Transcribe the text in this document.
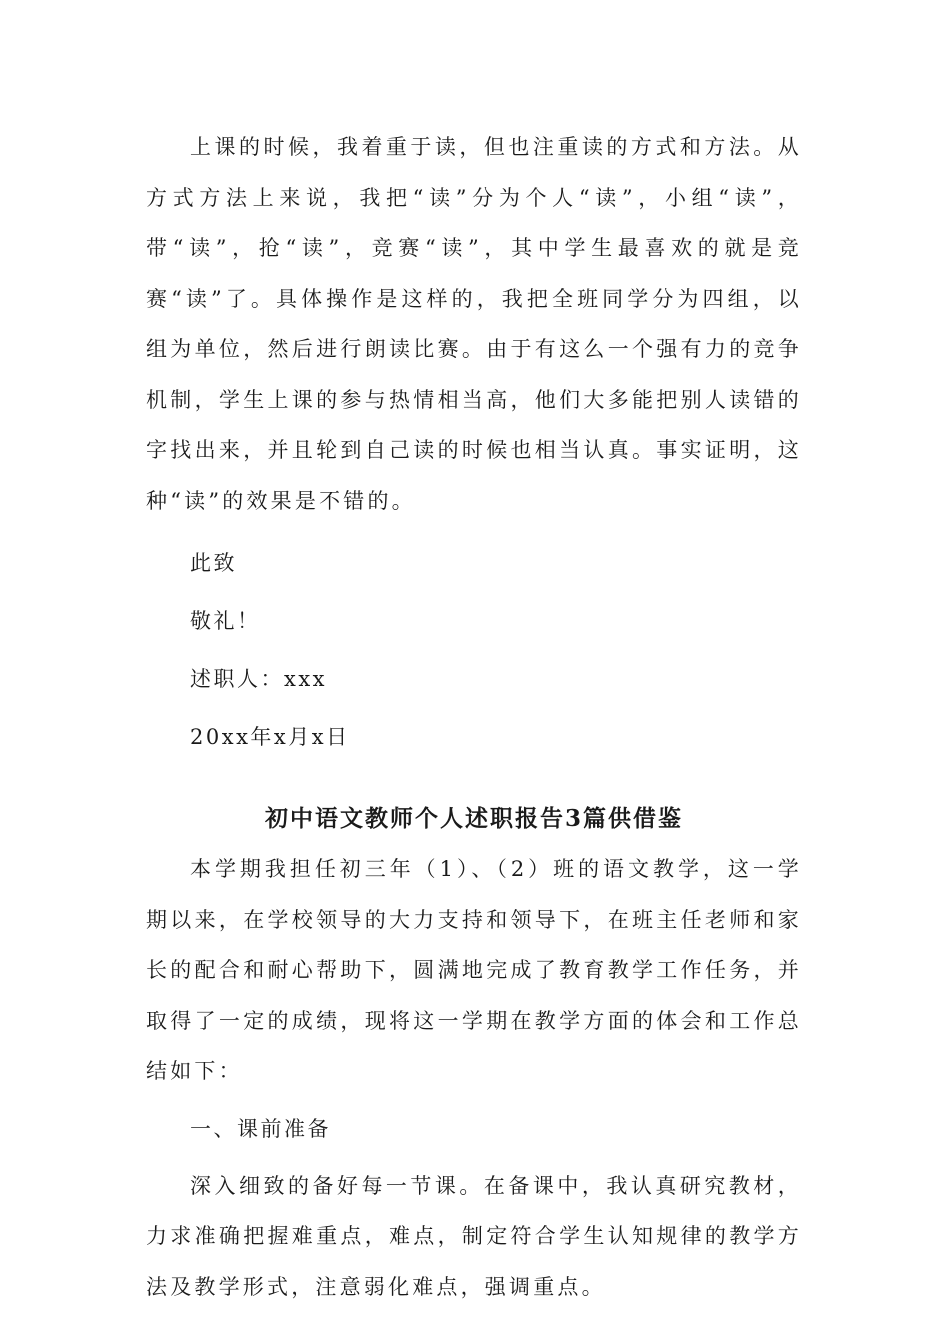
上课的时候，我着重于读，但也注重读的方式和方法。从方式方法上来说，我把“读”分为个人“读”，小组“读”，带“读”，抢“读”，竞赛“读”，其中学生最喜欢的就是竞赛“读”了。具体操作是这样的，我把全班同学分为四组，以组为单位，然后进行朗读比赛。由于有这么一个强有力的竞争机制，学生上课的参与热情相当高，他们大多能把别人读错的字找出来，并且轮到自己读的时候也相当认真。事实证明，这种“读”的效果是不错的。

此致

敬礼！

述职人：xxx

20xx年x月x日

初中语文教师个人述职报告3篇供借鉴

本学期我担任初三年（1）、（2）班的语文教学，这一学期以来，在学校领导的大力支持和领导下，在班主任老师和家长的配合和耐心帮助下，圆满地完成了教育教学工作任务，并取得了一定的成绩，现将这一学期在教学方面的体会和工作总结如下：

一、课前准备

深入细致的备好每一节课。在备课中，我认真研究教材，力求准确把握难重点，难点，制定符合学生认知规律的教学方法及教学形式，注意弱化难点，强调重点。
